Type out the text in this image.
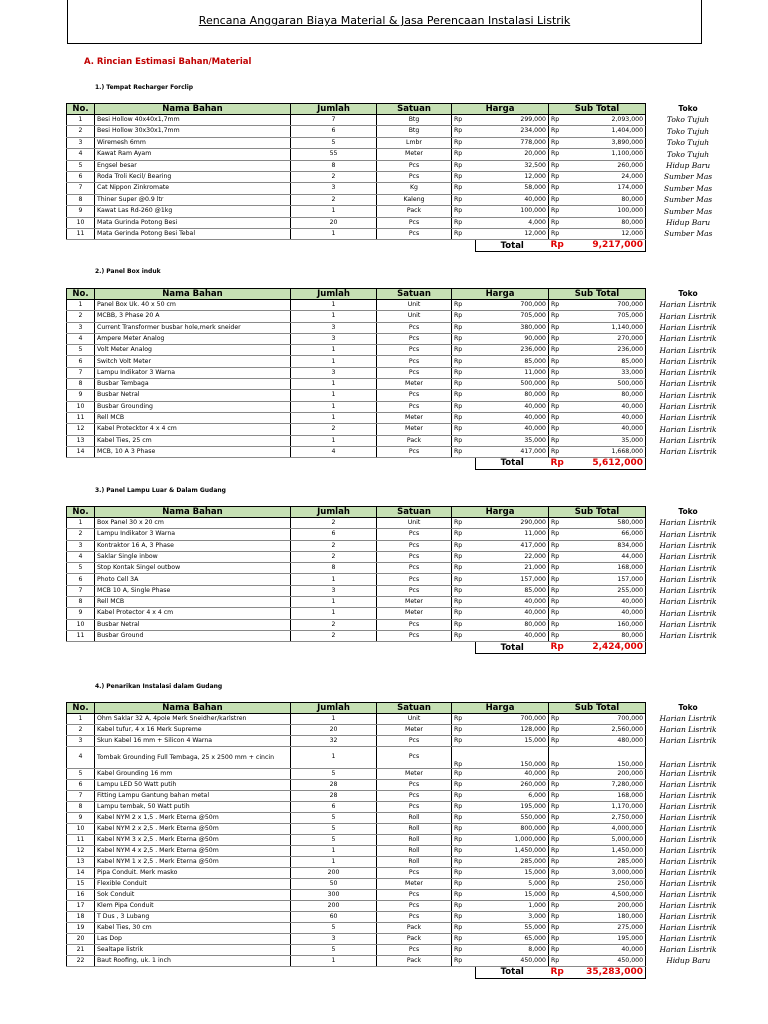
Rencana Anggaran Biaya Material & Jasa Perencaan Instalasi Listrik
A. Rincian Estimasi Bahan/Material
1.) Tempat Recharger Forclip
No.	Nama Bahan	Jumlah	Satuan	Harga		Sub Total		Toko
1	Besi Hollow 40x40x1,7mm	7	Btg	Rp	299,000	Rp	2,093,000	Toko Tujuh
2	Besi Hollow 30x30x1,7mm	6	Btg	Rp	234,000	Rp	1,404,000	Toko Tujuh
3	Wiremesh 6mm	5	Lmbr	Rp	778,000	Rp	3,890,000	Toko Tujuh
4	Kawat Ram Ayam	55	Meter	Rp	20,000	Rp	1,100,000	Toko Tujuh
5	Engsel besar	8	Pcs	Rp	32,500	Rp	260,000	Hidup Baru
6	Roda Troli Kecil/ Bearing	2	Pcs	Rp	12,000	Rp	24,000	Sumber Mas
7	Cat Nippon Zinkromate	3	Kg	Rp	58,000	Rp	174,000	Sumber Mas
8	Thiner Super @0.9 ltr	2	Kaleng	Rp	40,000	Rp	80,000	Sumber Mas
9	Kawat Las Rd-260 @1kg	1	Pack	Rp	100,000	Rp	100,000	Sumber Mas
10	Mata Gurinda Potong Besi	20	Pcs	Rp	4,000	Rp	80,000	Hidup Baru
11	Mata Gerinda Potong Besi Tebal	1	Pcs	Rp	12,000	Rp	12,000	Sumber Mas
					Total	Rp	9,217,000	
2.) Panel Box induk
No.	Nama Bahan	Jumlah	Satuan	Harga		Sub Total		Toko
1	Panel Box Uk. 40 x 50 cm	1	Unit	Rp	700,000	Rp	700,000	Harian Lisrtrik
2	MCBB, 3 Phase 20 A	1	Unit	Rp	705,000	Rp	705,000	Harian Lisrtrik
3	Current Transformer busbar hole,merk sneider	3	Pcs	Rp	380,000	Rp	1,140,000	Harian Lisrtrik
4	Ampere Meter Analog	3	Pcs	Rp	90,000	Rp	270,000	Harian Lisrtrik
5	Volt Meter Analog	1	Pcs	Rp	236,000	Rp	236,000	Harian Lisrtrik
6	Switch Volt Meter	1	Pcs	Rp	85,000	Rp	85,000	Harian Lisrtrik
7	Lampu Indikator 3 Warna	3	Pcs	Rp	11,000	Rp	33,000	Harian Lisrtrik
8	Busbar Tembaga	1	Meter	Rp	500,000	Rp	500,000	Harian Lisrtrik
9	Busbar Netral	1	Pcs	Rp	80,000	Rp	80,000	Harian Lisrtrik
10	Busbar Grounding	1	Pcs	Rp	40,000	Rp	40,000	Harian Lisrtrik
11	Rell MCB	1	Meter	Rp	40,000	Rp	40,000	Harian Lisrtrik
12	Kabel Protecktor 4 x 4 cm	2	Meter	Rp	40,000	Rp	40,000	Harian Lisrtrik
13	Kabel Ties, 25 cm	1	Pack	Rp	35,000	Rp	35,000	Harian Lisrtrik
14	MCB, 10 A 3 Phase	4	Pcs	Rp	417,000	Rp	1,668,000	Harian Lisrtrik
					Total	Rp	5,612,000	
3.) Panel Lampu Luar & Dalam Gudang
No.	Nama Bahan	Jumlah	Satuan	Harga		Sub Total		Toko
1	Box Panel 30 x 20 cm	2	Unit	Rp	290,000	Rp	580,000	Harian Lisrtrik
2	Lampu Indikator 3 Warna	6	Pcs	Rp	11,000	Rp	66,000	Harian Lisrtrik
3	Kontraktor 16 A, 3 Phase	2	Pcs	Rp	417,000	Rp	834,000	Harian Lisrtrik
4	Saklar Single inbow	2	Pcs	Rp	22,000	Rp	44,000	Harian Lisrtrik
5	Stop Kontak Singel outbow	8	Pcs	Rp	21,000	Rp	168,000	Harian Lisrtrik
6	Photo Cell 3A	1	Pcs	Rp	157,000	Rp	157,000	Harian Lisrtrik
7	MCB 10 A, Single Phase	3	Pcs	Rp	85,000	Rp	255,000	Harian Lisrtrik
8	Rell MCB	1	Meter	Rp	40,000	Rp	40,000	Harian Lisrtrik
9	Kabel Protector 4 x 4 cm	1	Meter	Rp	40,000	Rp	40,000	Harian Lisrtrik
10	Busbar Netral	2	Pcs	Rp	80,000	Rp	160,000	Harian Lisrtrik
11	Busbar Ground	2	Pcs	Rp	40,000	Rp	80,000	Harian Lisrtrik
					Total	Rp	2,424,000	
4.) Penarikan Instalasi dalam Gudang
No.	Nama Bahan	Jumlah	Satuan	Harga		Sub Total		Toko
1	Ohm Saklar 32 A, 4pole Merk Sneidher/karlstren	1	Unit	Rp	700,000	Rp	700,000	Harian Lisrtrik
2	Kabel tufur, 4 x 16 Merk Supreme	20	Meter	Rp	128,000	Rp	2,560,000	Harian Lisrtrik
3	Skun Kabel 16 mm + Silicon 4 Warna	32	Pcs	Rp	15,000	Rp	480,000	Harian Lisrtrik
4	Tombak Grounding Full Tembaga, 25 x 2500 mm + cincin	1	Pcs	Rp	150,000	Rp	150,000	Harian Lisrtrik
5	Kabel Grounding 16 mm	5	Meter	Rp	40,000	Rp	200,000	Harian Lisrtrik
6	Lampu LED 50 Watt putih	28	Pcs	Rp	260,000	Rp	7,280,000	Harian Lisrtrik
7	Fitting Lampu Gantung bahan metal	28	Pcs	Rp	6,000	Rp	168,000	Harian Lisrtrik
8	Lampu tembak, 50 Watt putih	6	Pcs	Rp	195,000	Rp	1,170,000	Harian Lisrtrik
9	Kabel NYM 2 x 1,5 . Merk Eterna @50m	5	Roll	Rp	550,000	Rp	2,750,000	Harian Lisrtrik
10	Kabel NYM 2 x 2,5 . Merk Eterna @50m	5	Roll	Rp	800,000	Rp	4,000,000	Harian Lisrtrik
11	Kabel NYM 3 x 2,5 . Merk Eterna @50m	5	Roll	Rp	1,000,000	Rp	5,000,000	Harian Lisrtrik
12	Kabel NYM 4 x 2,5 . Merk Eterna @50m	1	Roll	Rp	1,450,000	Rp	1,450,000	Harian Lisrtrik
13	Kabel NYM 1 x 2,5 . Merk Eterna @50m	1	Roll	Rp	285,000	Rp	285,000	Harian Lisrtrik
14	Pipa Conduit. Merk masko	200	Pcs	Rp	15,000	Rp	3,000,000	Harian Lisrtrik
15	Flexible Conduit	50	Meter	Rp	5,000	Rp	250,000	Harian Lisrtrik
16	Sok Conduit	300	Pcs	Rp	15,000	Rp	4,500,000	Harian Lisrtrik
17	Klem Pipa Conduit	200	Pcs	Rp	1,000	Rp	200,000	Harian Lisrtrik
18	T Dus , 3 Lubang	60	Pcs	Rp	3,000	Rp	180,000	Harian Lisrtrik
19	Kabel Ties, 30 cm	5	Pack	Rp	55,000	Rp	275,000	Harian Lisrtrik
20	Las Dop	3	Pack	Rp	65,000	Rp	195,000	Harian Lisrtrik
21	Sealtape listrik	5	Pcs	Rp	8,000	Rp	40,000	Harian Lisrtrik
22	Baut Roofing, uk. 1 inch	1	Pack	Rp	450,000	Rp	450,000	Hidup Baru
					Total	Rp	35,283,000	
